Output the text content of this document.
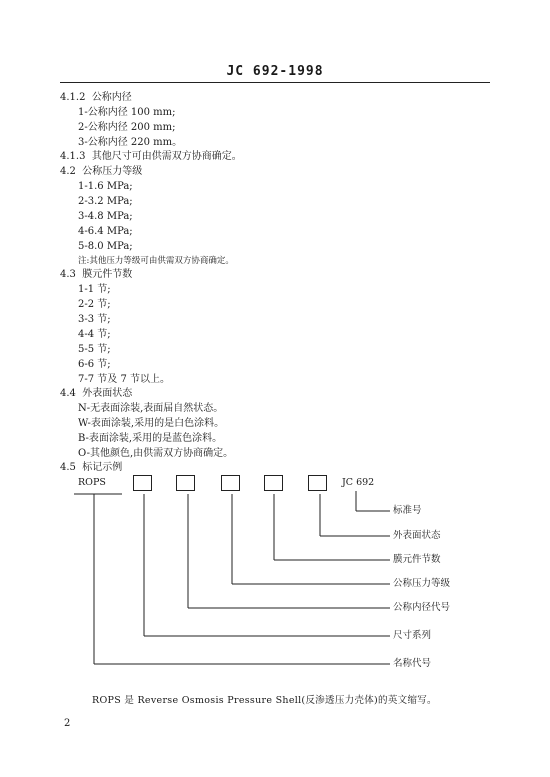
JC 692-1998
4.1.2 公称内径
1-公称内径 100 mm;
2-公称内径 200 mm;
3-公称内径 220 mm。
4.1.3 其他尺寸可由供需双方协商确定。
4.2 公称压力等级
1-1.6 MPa;
2-3.2 MPa;
3-4.8 MPa;
4-6.4 MPa;
5-8.0 MPa;
注:其他压力等级可由供需双方协商确定。
4.3 膜元件节数
1-1 节;
2-2 节;
3-3 节;
4-4 节;
5-5 节;
6-6 节;
7-7 节及 7 节以上。
4.4 外表面状态
N-无表面涂装,表面届自然状态。
W-表面涂装,采用的是白色涂料。
B-表面涂装,采用的是蓝色涂料。
O-其他颜色,由供需双方协商确定。
4.5 标记示例
ROPS	JC 692
标准号
外表面状态
膜元件节数
公称压力等级
公称内径代号
尺寸系列
名称代号
ROPS 是 Reverse Osmosis Pressure Shell(反渗透压力壳体)的英文缩写。
2
